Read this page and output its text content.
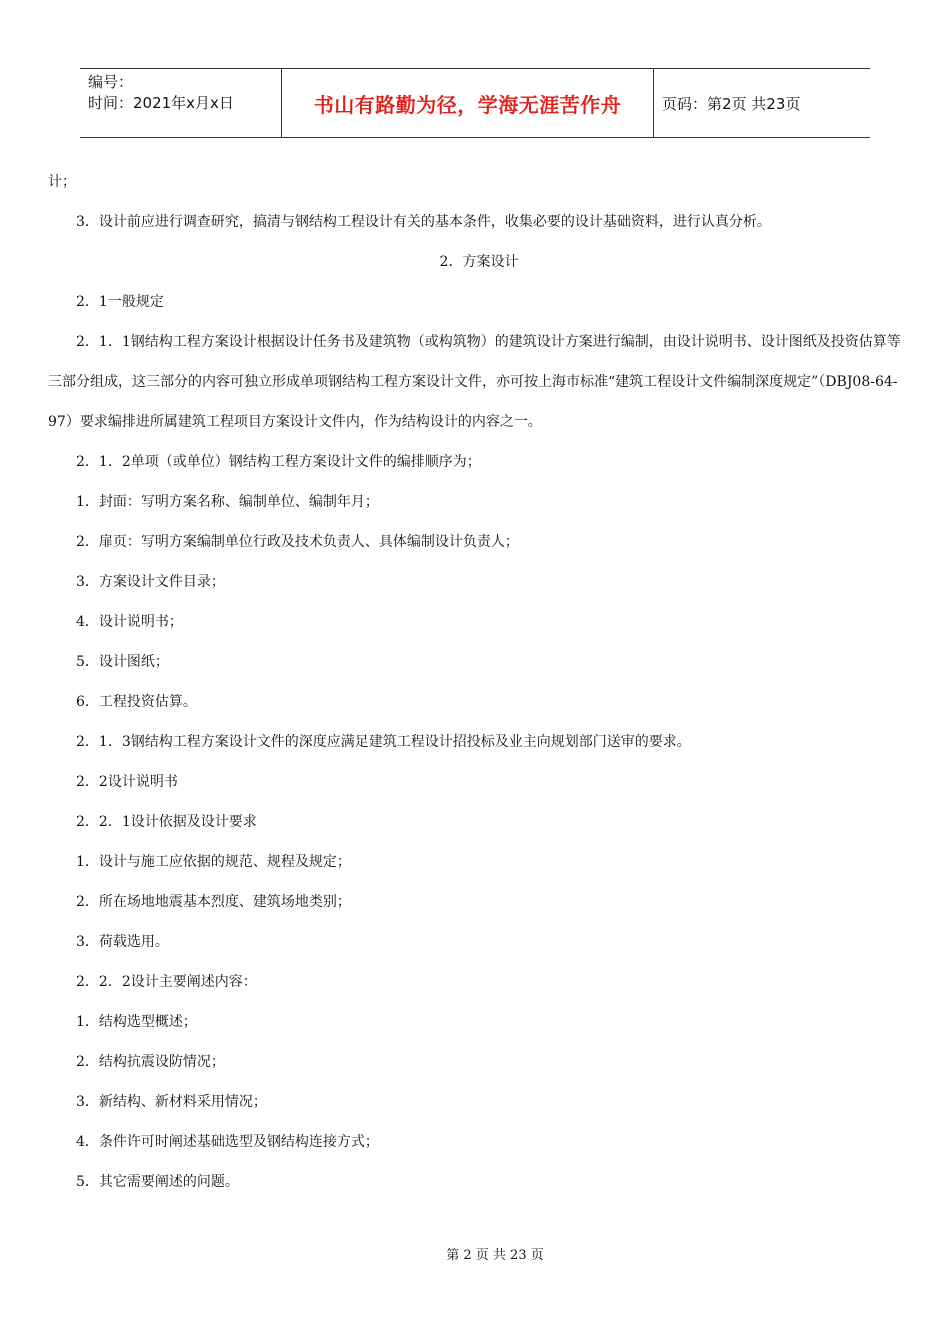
编号：
时间：2021年x月x日	书山有路勤为径，学海无涯苦作舟	页码：第2页 共23页

计；

3．设计前应进行调查研究，搞清与钢结构工程设计有关的基本条件，收集必要的设计基础资料，进行认真分析。

2．方案设计

2．1一般规定

2．1．1钢结构工程方案设计根据设计任务书及建筑物（或构筑物）的建筑设计方案进行编制，由设计说明书、设计图纸及投资估算等三部分组成，这三部分的内容可独立形成单项钢结构工程方案设计文件，亦可按上海市标准“建筑工程设计文件编制深度规定”（DBJ08-64-97）要求编排进所属建筑工程项目方案设计文件内，作为结构设计的内容之一。

2．1．2单项（或单位）钢结构工程方案设计文件的编排顺序为；

1．封面：写明方案名称、编制单位、编制年月；

2．扉页：写明方案编制单位行政及技术负责人、具体编制设计负责人；

3．方案设计文件目录；

4．设计说明书；

5．设计图纸；

6．工程投资估算。

2．1．3钢结构工程方案设计文件的深度应满足建筑工程设计招投标及业主向规划部门送审的要求。

2．2设计说明书

2．2．1设计依据及设计要求

1．设计与施工应依据的规范、规程及规定；

2．所在场地地震基本烈度、建筑场地类别；

3．荷载选用。

2．2．2设计主要阐述内容：

1．结构选型概述；

2．结构抗震设防情况；

3．新结构、新材料采用情况；

4．条件许可时阐述基础选型及钢结构连接方式；

5．其它需要阐述的问题。

第 2 页 共 23 页
